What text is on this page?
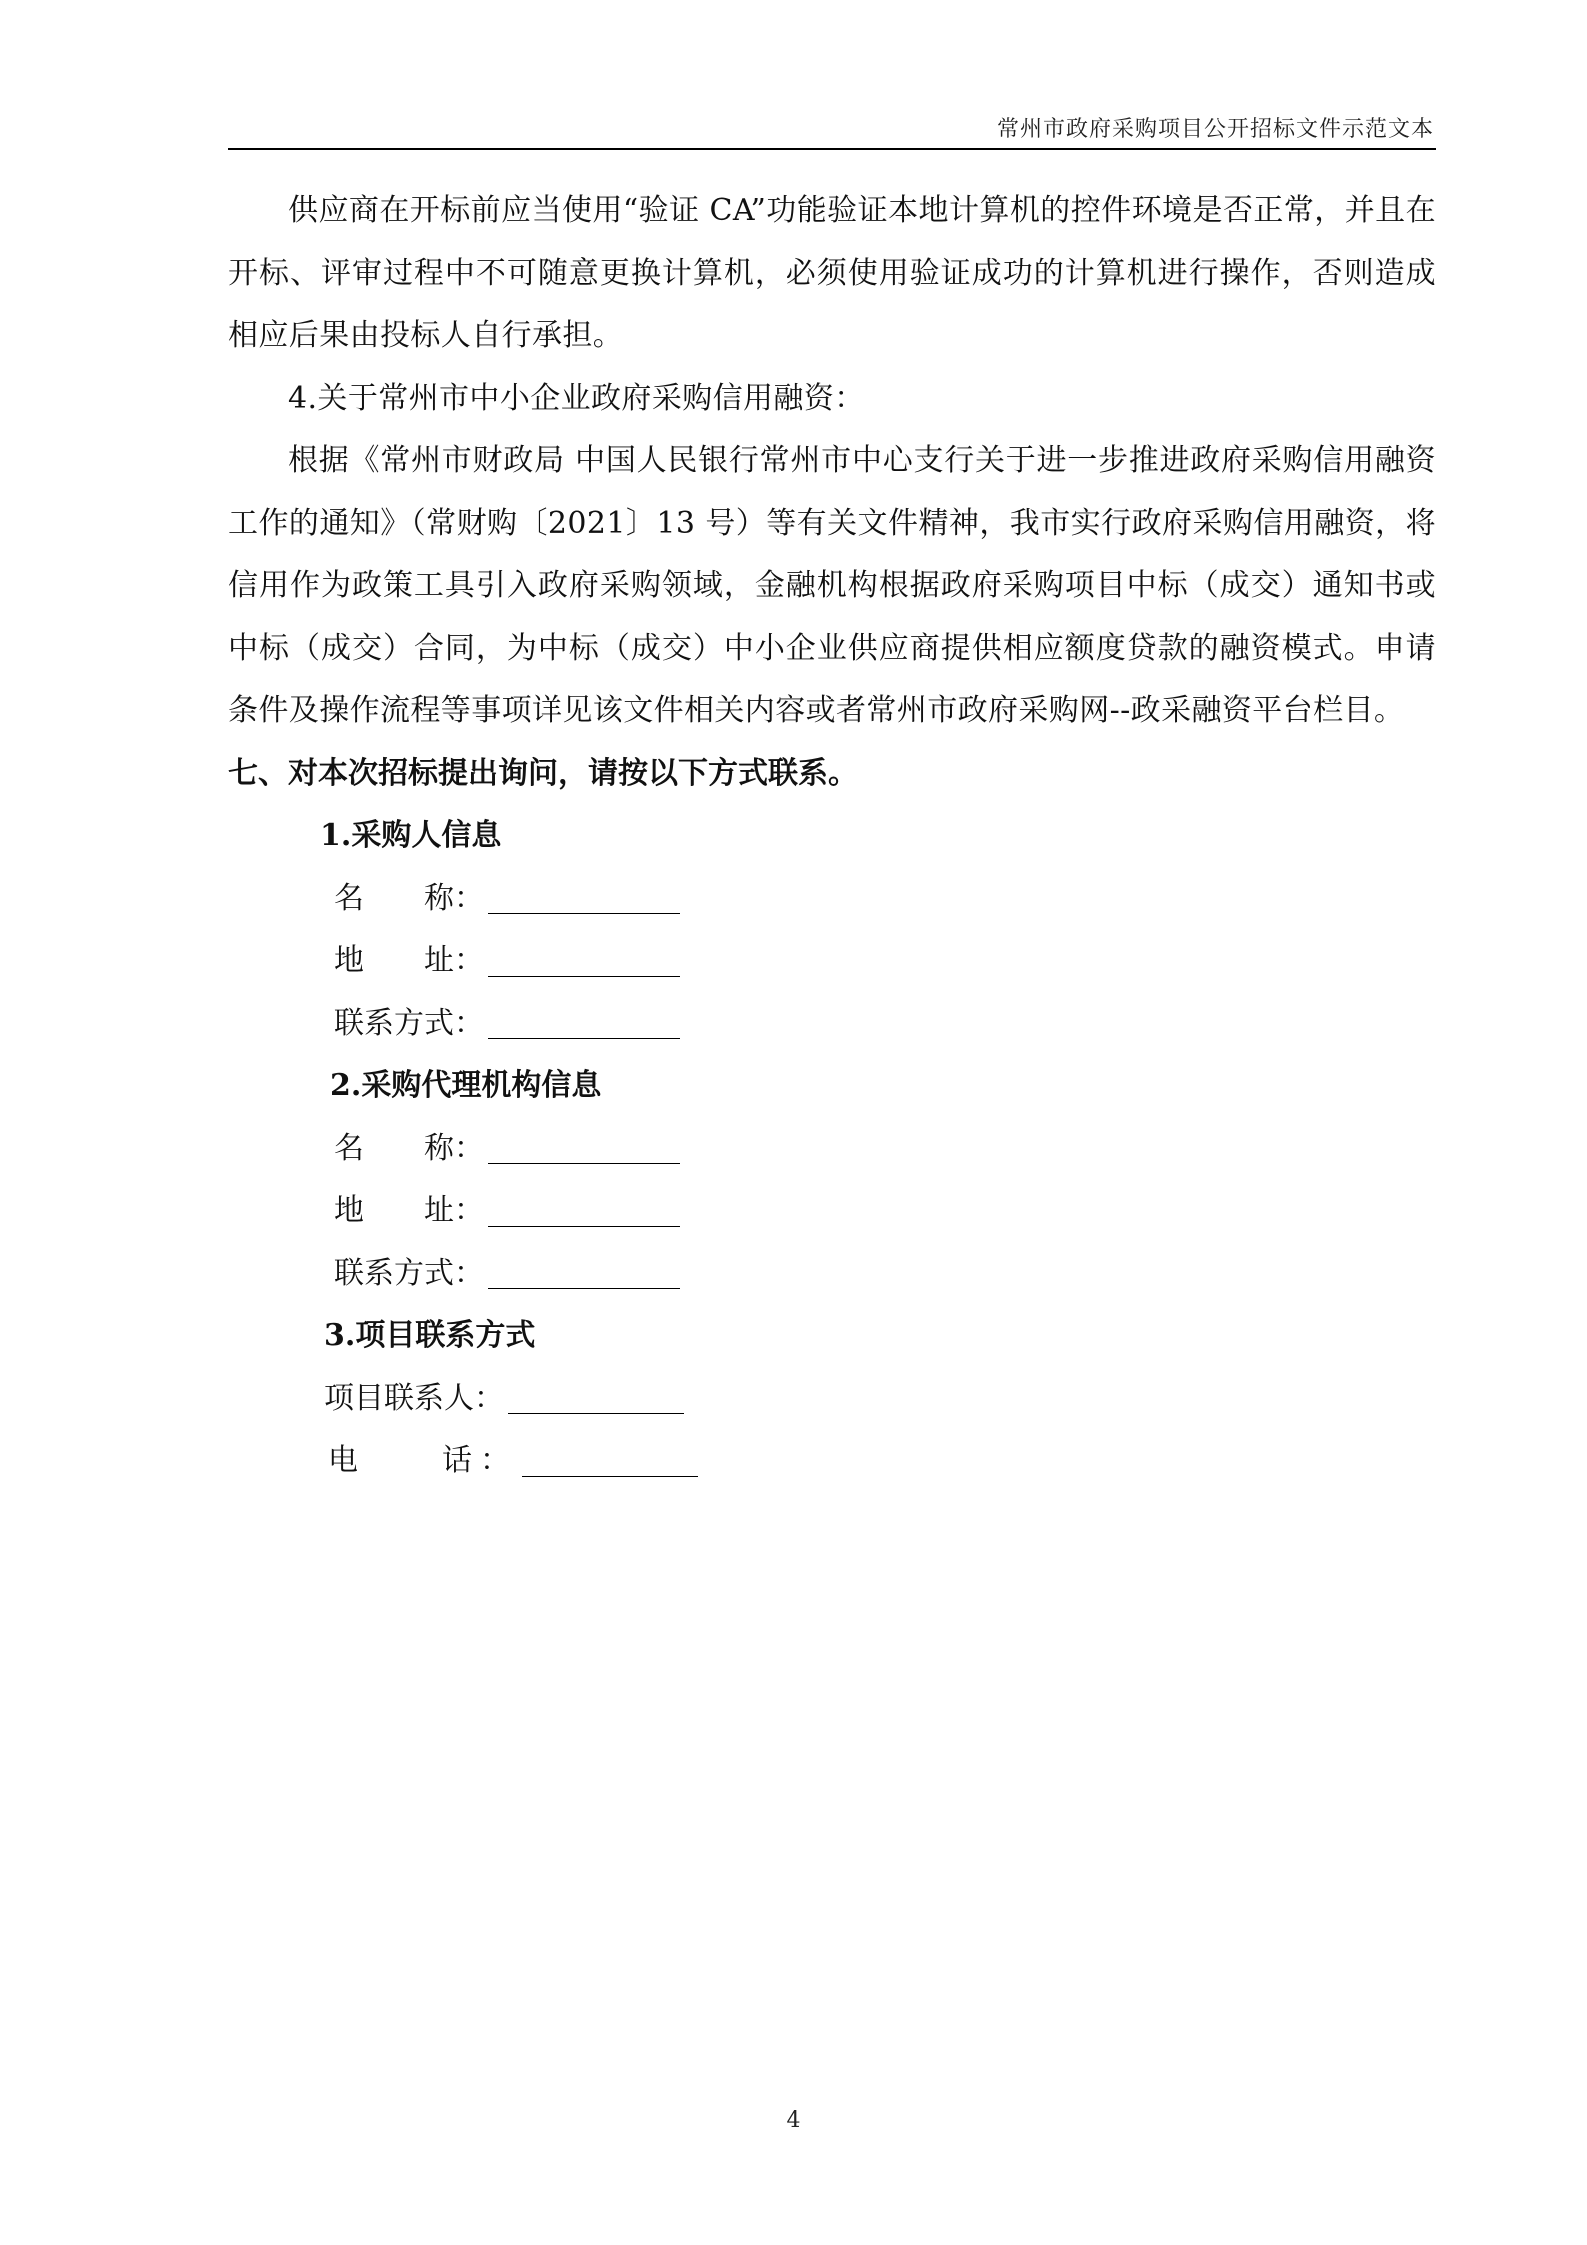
常州市政府采购项目公开招标文件示范文本

供应商在开标前应当使用“验证 CA”功能验证本地计算机的控件环境是否正常，并且在开标、评审过程中不可随意更换计算机，必须使用验证成功的计算机进行操作，否则造成相应后果由投标人自行承担。

4.关于常州市中小企业政府采购信用融资：

根据《常州市财政局 中国人民银行常州市中心支行关于进一步推进政府采购信用融资工作的通知》（常财购〔2021〕13 号）等有关文件精神，我市实行政府采购信用融资，将信用作为政策工具引入政府采购领域，金融机构根据政府采购项目中标（成交）通知书或中标（成交）合同，为中标（成交）中小企业供应商提供相应额度贷款的融资模式。申请条件及操作流程等事项详见该文件相关内容或者常州市政府采购网--政采融资平台栏目。

七、对本次招标提出询问，请按以下方式联系。

1.采购人信息

名　　称：
地　　址：
联系方式：

2.采购代理机构信息

名　　称：
地　　址：
联系方式：

3.项目联系方式

项目联系人：
电　　话：
4
